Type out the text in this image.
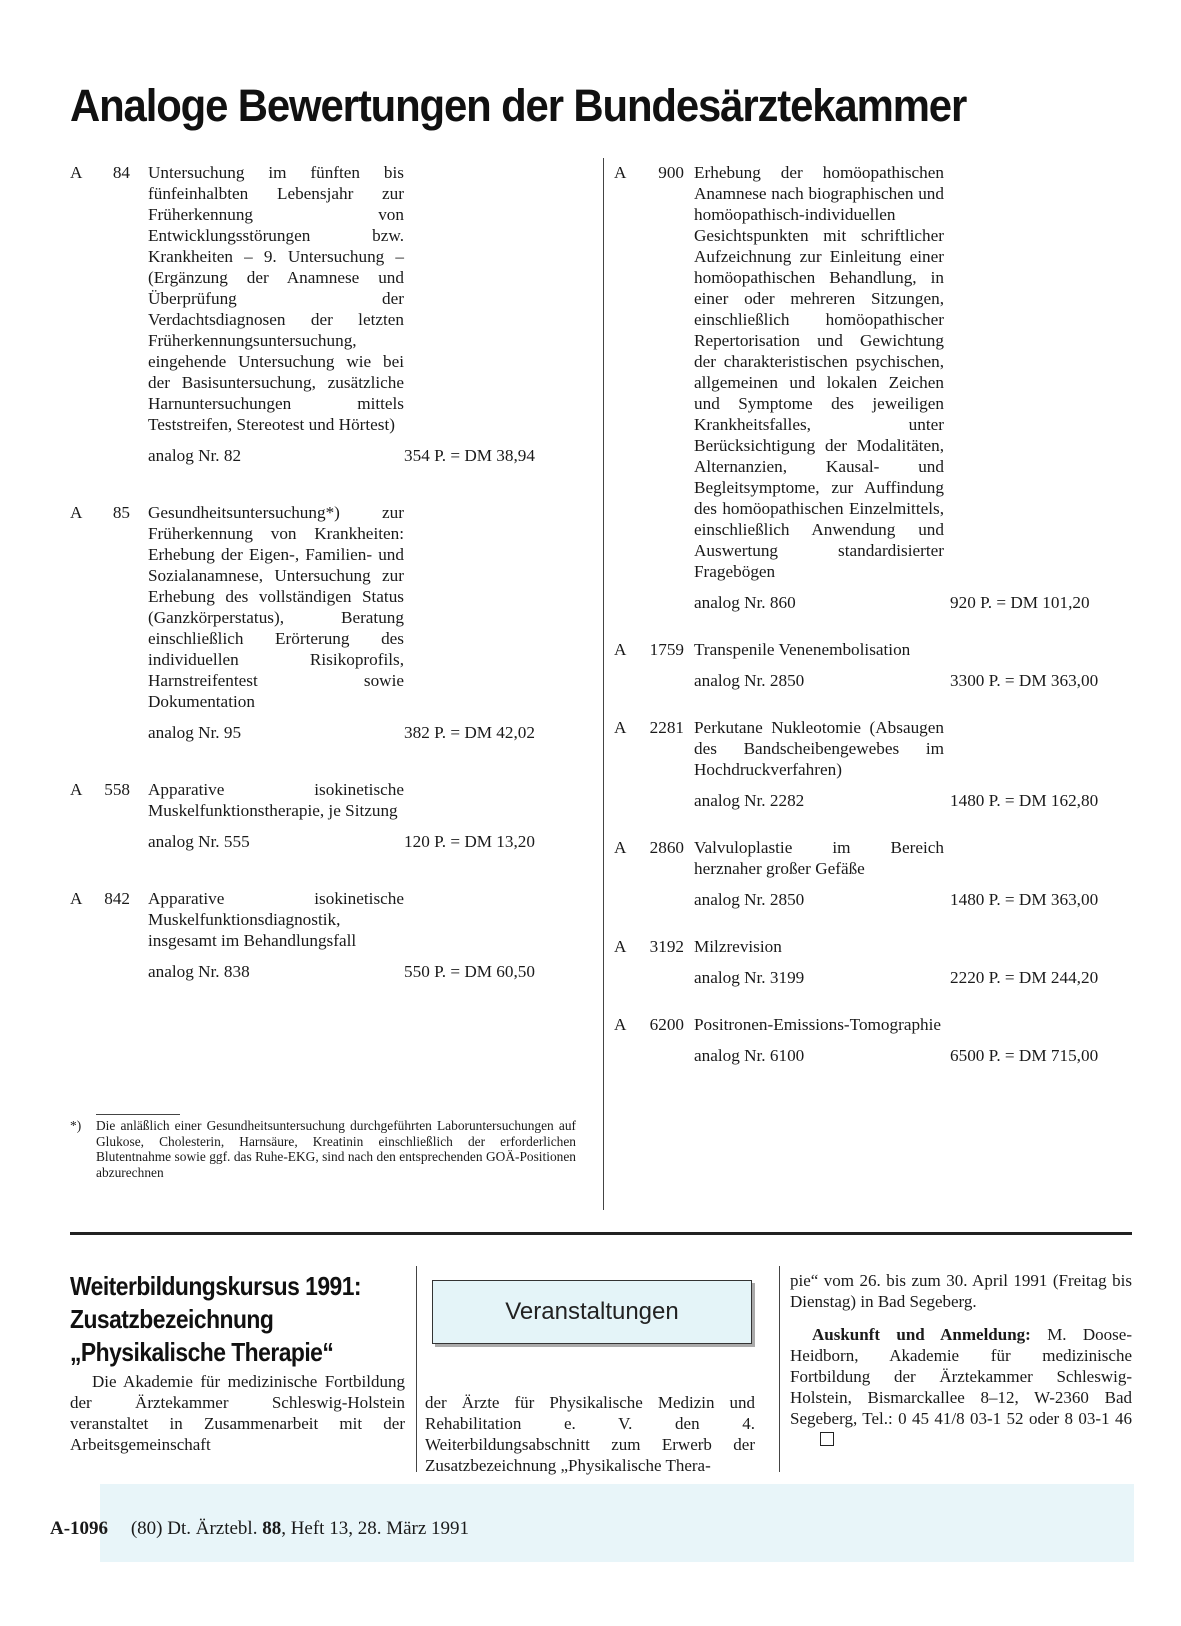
Analoge Bewertungen der Bundesärztekammer
A	84 Untersuchung im fünften bis fünfeinhalbten Lebensjahr zur Früherkennung von Entwicklungsstörungen bzw. Krankheiten – 9. Untersuchung – (Ergänzung der Anamnese und Überprüfung der Verdachtsdiagnosen der letzten Früherkennungsuntersuchung, eingehende Untersuchung wie bei der Basisuntersuchung, zusätzliche Harnuntersuchungen mittels Teststreifen, Stereotest und Hörtest)
analog Nr. 82	354 P. = DM 38,94
A	85 Gesundheitsuntersuchung*) zur Früherkennung von Krankheiten: Erhebung der Eigen-, Familien- und Sozialanamnese, Untersuchung zur Erhebung des vollständigen Status (Ganzkörperstatus), Beratung einschließlich Erörterung des individuellen Risikoprofils, Harnstreifentest sowie Dokumentation
analog Nr. 95	382 P. = DM 42,02
A	558 Apparative isokinetische Muskelfunktionstherapie, je Sitzung
analog Nr. 555	120 P. = DM 13,20
A	842 Apparative isokinetische Muskelfunktionsdiagnostik, insgesamt im Behandlungsfall
analog Nr. 838	550 P. = DM 60,50
*)	Die anläßlich einer Gesundheitsuntersuchung durchgeführten Laboruntersuchungen auf Glukose, Cholesterin, Harnsäure, Kreatinin einschließlich der erforderlichen Blutentnahme sowie ggf. das Ruhe-EKG, sind nach den entsprechenden GOÄ-Positionen abzurechnen
A	900 Erhebung der homöopathischen Anamnese nach biographischen und homöopathisch-individuellen Gesichtspunkten mit schriftlicher Aufzeichnung zur Einleitung einer homöopathischen Behandlung, in einer oder mehreren Sitzungen, einschließlich homöopathischer Repertorisation und Gewichtung der charakteristischen psychischen, allgemeinen und lokalen Zeichen und Symptome des jeweiligen Krankheitsfalles, unter Berücksichtigung der Modalitäten, Alternanzien, Kausal- und Begleitsymptome, zur Auffindung des homöopathischen Einzelmittels, einschließlich Anwendung und Auswertung standardisierter Fragebögen
analog Nr. 860	920 P. = DM 101,20
A	1759 Transpenile Venenembolisation
analog Nr. 2850	3300 P. = DM 363,00
A	2281 Perkutane Nukleotomie (Absaugen des Bandscheibengewebes im Hochdruckverfahren)
analog Nr. 2282	1480 P. = DM 162,80
A	2860 Valvuloplastie im Bereich herznaher großer Gefäße
analog Nr. 2850	1480 P. = DM 363,00
A	3192 Milzrevision
analog Nr. 3199	2220 P. = DM 244,20
A	6200 Positronen-Emissions-Tomographie
analog Nr. 6100	6500 P. = DM 715,00
Weiterbildungskursus 1991:
Zusatzbezeichnung
„Physikalische Therapie“
Die Akademie für medizinische Fortbildung der Ärztekammer Schleswig-Holstein veranstaltet in Zusammenarbeit mit der Arbeitsgemeinschaft
Veranstaltungen
der Ärzte für Physikalische Medizin und Rehabilitation e. V. den 4. Weiterbildungsabschnitt zum Erwerb der Zusatzbezeichnung „Physikalische Thera-
pie“ vom 26. bis zum 30. April 1991 (Freitag bis Dienstag) in Bad Segeberg.
Auskunft und Anmeldung: M. Doose-Heidborn, Akademie für medizinische Fortbildung der Ärztekammer Schleswig-Holstein, Bismarckallee 8–12, W-2360 Bad Segeberg, Tel.: 0 45 41/8 03-1 52 oder 8 03-1 46
A-1096 (80) Dt. Ärztebl. 88, Heft 13, 28. März 1991
